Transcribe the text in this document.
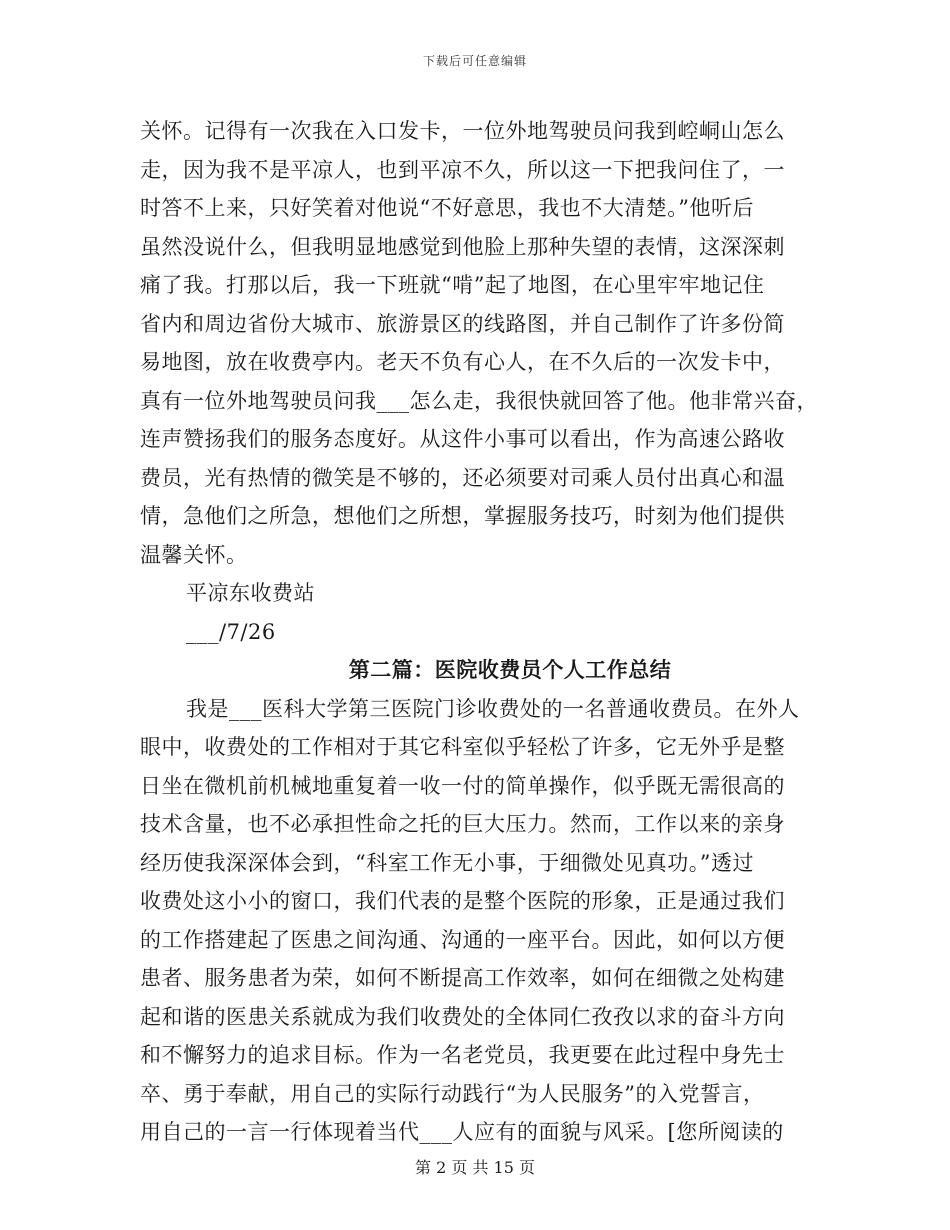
下载后可任意编辑
关怀。记得有一次我在入口发卡，一位外地驾驶员问我到崆峒山怎么
走，因为我不是平凉人，也到平凉不久，所以这一下把我问住了，一
时答不上来，只好笑着对他说“不好意思，我也不大清楚。”他听后
虽然没说什么，但我明显地感觉到他脸上那种失望的表情，这深深刺
痛了我。打那以后，我一下班就“啃”起了地图，在心里牢牢地记住
省内和周边省份大城市、旅游景区的线路图，并自己制作了许多份简
易地图，放在收费亭内。老天不负有心人，在不久后的一次发卡中，
真有一位外地驾驶员问我___怎么走，我很快就回答了他。他非常兴奋，
连声赞扬我们的服务态度好。从这件小事可以看出，作为高速公路收
费员，光有热情的微笑是不够的，还必须要对司乘人员付出真心和温
情，急他们之所急，想他们之所想，掌握服务技巧，时刻为他们提供
温馨关怀。
平凉东收费站
___/7/26
第二篇：医院收费员个人工作总结
我是___医科大学第三医院门诊收费处的一名普通收费员。在外人
眼中，收费处的工作相对于其它科室似乎轻松了许多，它无外乎是整
日坐在微机前机械地重复着一收一付的简单操作，似乎既无需很高的
技术含量，也不必承担性命之托的巨大压力。然而，工作以来的亲身
经历使我深深体会到，“科室工作无小事，于细微处见真功。”透过
收费处这小小的窗口，我们代表的是整个医院的形象，正是通过我们
的工作搭建起了医患之间沟通、沟通的一座平台。因此，如何以方便
患者、服务患者为荣，如何不断提高工作效率，如何在细微之处构建
起和谐的医患关系就成为我们收费处的全体同仁孜孜以求的奋斗方向
和不懈努力的追求目标。作为一名老党员，我更要在此过程中身先士
卒、勇于奉献，用自己的实际行动践行“为人民服务”的入党誓言，
用自己的一言一行体现着当代___人应有的面貌与风采。[您所阅读的
第 2 页 共 15 页
